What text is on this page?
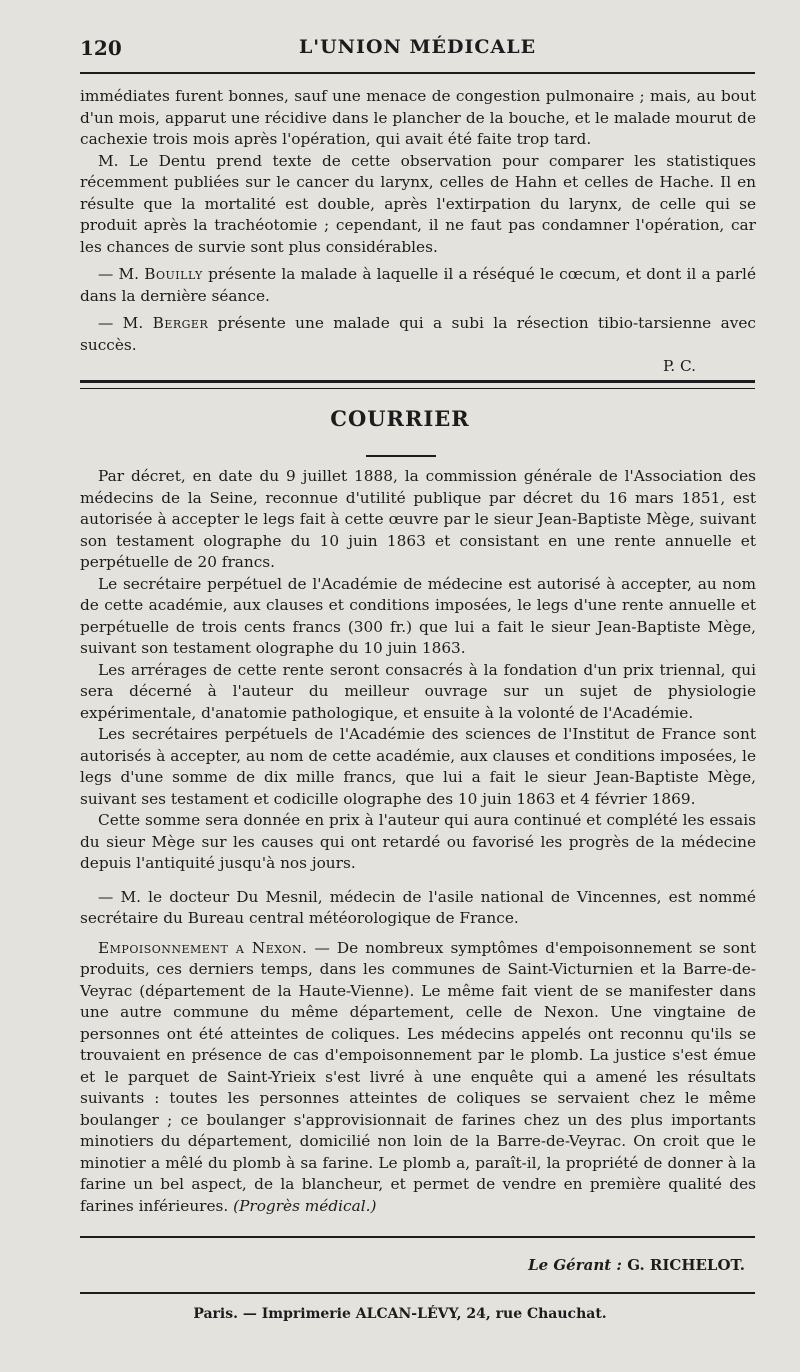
120	L'UNION MÉDICALE

immédiates furent bonnes, sauf une menace de congestion pulmonaire ; mais, au bout d'un mois, apparut une récidive dans le plancher de la bouche, et le malade mourut de cachexie trois mois après l'opération, qui avait été faite trop tard.

M. Le Dentu prend texte de cette observation pour comparer les statistiques récemment publiées sur le cancer du larynx, celles de Hahn et celles de Hache. Il en résulte que la mortalité est double, après l'extirpation du larynx, de celle qui se produit après la trachéotomie ; cependant, il ne faut pas condamner l'opération, car les chances de survie sont plus considérables.

— M. Bouilly présente la malade à laquelle il a réséqué le cœcum, et dont il a parlé dans la dernière séance.

— M. Berger présente une malade qui a subi la résection tibio-tarsienne avec succès.

P. C.

COURRIER

Par décret, en date du 9 juillet 1888, la commission générale de l'Association des médecins de la Seine, reconnue d'utilité publique par décret du 16 mars 1851, est autorisée à accepter le legs fait à cette œuvre par le sieur Jean-Baptiste Mège, suivant son testament olographe du 10 juin 1863 et consistant en une rente annuelle et perpétuelle de 20 francs.

Le secrétaire perpétuel de l'Académie de médecine est autorisé à accepter, au nom de cette académie, aux clauses et conditions imposées, le legs d'une rente annuelle et perpétuelle de trois cents francs (300 fr.) que lui a fait le sieur Jean-Baptiste Mège, suivant son testament olographe du 10 juin 1863.

Les arrérages de cette rente seront consacrés à la fondation d'un prix triennal, qui sera décerné à l'auteur du meilleur ouvrage sur un sujet de physiologie expérimentale, d'anatomie pathologique, et ensuite à la volonté de l'Académie.

Les secrétaires perpétuels de l'Académie des sciences de l'Institut de France sont autorisés à accepter, au nom de cette académie, aux clauses et conditions imposées, le legs d'une somme de dix mille francs, que lui a fait le sieur Jean-Baptiste Mège, suivant ses testament et codicille olographe des 10 juin 1863 et 4 février 1869.

Cette somme sera donnée en prix à l'auteur qui aura continué et complété les essais du sieur Mège sur les causes qui ont retardé ou favorisé les progrès de la médecine depuis l'antiquité jusqu'à nos jours.

— M. le docteur Du Mesnil, médecin de l'asile national de Vincennes, est nommé secrétaire du Bureau central météorologique de France.

Empoisonnement a Nexon. — De nombreux symptômes d'empoisonnement se sont produits, ces derniers temps, dans les communes de Saint-Victurnien et la Barre-de-Veyrac (département de la Haute-Vienne). Le même fait vient de se manifester dans une autre commune du même département, celle de Nexon. Une vingtaine de personnes ont été atteintes de coliques. Les médecins appelés ont reconnu qu'ils se trouvaient en présence de cas d'empoisonnement par le plomb. La justice s'est émue et le parquet de Saint-Yrieix s'est livré à une enquête qui a amené les résultats suivants : toutes les personnes atteintes de coliques se servaient chez le même boulanger ; ce boulanger s'approvisionnait de farines chez un des plus importants minotiers du département, domicilié non loin de la Barre-de-Veyrac. On croit que le minotier a mêlé du plomb à sa farine. Le plomb a, paraît-il, la propriété de donner à la farine un bel aspect, de la blancheur, et permet de vendre en première qualité des farines inférieures. (Progrès médical.)

Le Gérant : G. RICHELOT.
Paris. — Imprimerie ALCAN-LÉVY, 24, rue Chauchat.
